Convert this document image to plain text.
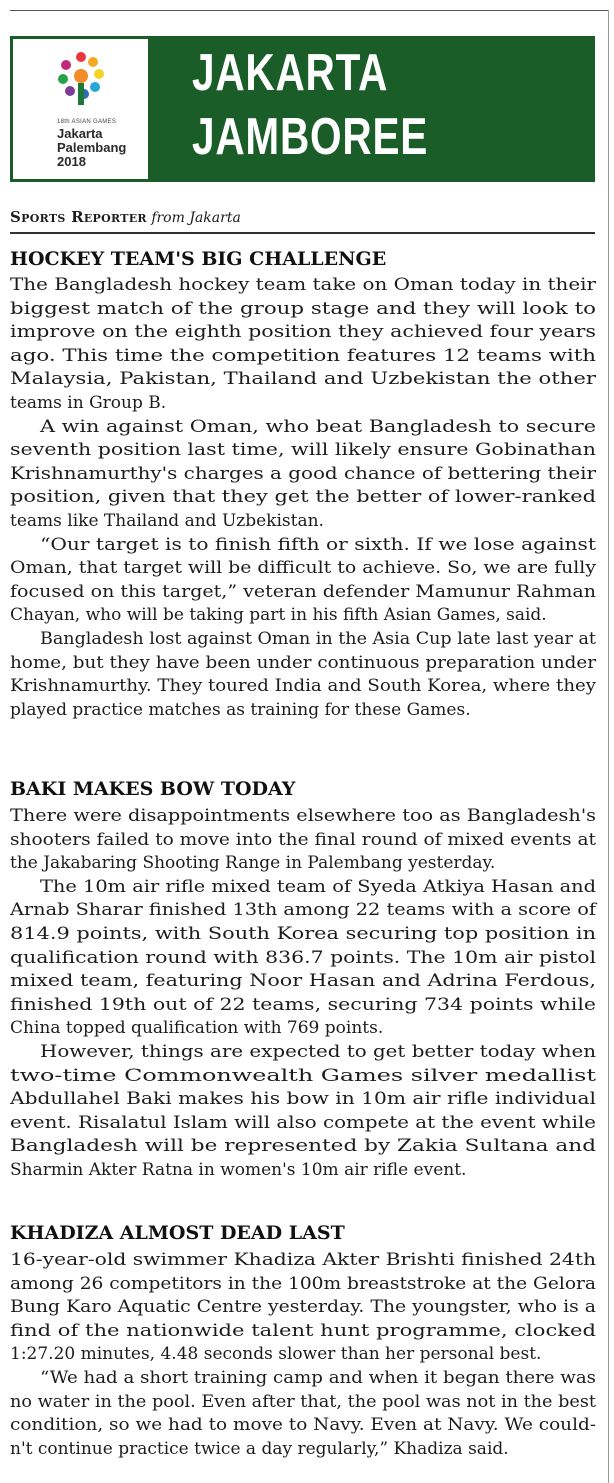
18th ASIAN GAMES
Jakarta
Palembang
2018
JAKARTA
JAMBOREE
Sports Reporter from Jakarta
HOCKEY TEAM'S BIG CHALLENGE
BAKI MAKES BOW TODAY
KHADIZA ALMOST DEAD LAST
The Bangladesh hockey team take on Oman today in their
biggest match of the group stage and they will look to
improve on the eighth position they achieved four years
ago. This time the competition features 12 teams with
Malaysia, Pakistan, Thailand and Uzbekistan the other
teams in Group B.
A win against Oman, who beat Bangladesh to secure
seventh position last time, will likely ensure Gobinathan
Krishnamurthy's charges a good chance of bettering their
position, given that they get the better of lower-ranked
teams like Thailand and Uzbekistan.
“Our target is to finish fifth or sixth. If we lose against
Oman, that target will be difficult to achieve. So, we are fully
focused on this target,” veteran defender Mamunur Rahman
Chayan, who will be taking part in his fifth Asian Games, said.
Bangladesh lost against Oman in the Asia Cup late last year at
home, but they have been under continuous preparation under
Krishnamurthy. They toured India and South Korea, where they
played practice matches as training for these Games.
There were disappointments elsewhere too as Bangladesh's
shooters failed to move into the final round of mixed events at
the Jakabaring Shooting Range in Palembang yesterday.
The 10m air rifle mixed team of Syeda Atkiya Hasan and
Arnab Sharar finished 13th among 22 teams with a score of
814.9 points, with South Korea securing top position in
qualification round with 836.7 points. The 10m air pistol
mixed team, featuring Noor Hasan and Adrina Ferdous,
finished 19th out of 22 teams, securing 734 points while
China topped qualification with 769 points.
However, things are expected to get better today when
two-time Commonwealth Games silver medallist
Abdullahel Baki makes his bow in 10m air rifle individual
event. Risalatul Islam will also compete at the event while
Bangladesh will be represented by Zakia Sultana and
Sharmin Akter Ratna in women's 10m air rifle event.
16-year-old swimmer Khadiza Akter Brishti finished 24th
among 26 competitors in the 100m breaststroke at the Gelora
Bung Karo Aquatic Centre yesterday. The youngster, who is a
find of the nationwide talent hunt programme, clocked
1:27.20 minutes, 4.48 seconds slower than her personal best.
“We had a short training camp and when it began there was
no water in the pool. Even after that, the pool was not in the best
condition, so we had to move to Navy. Even at Navy. We could-
n't continue practice twice a day regularly,” Khadiza said.
